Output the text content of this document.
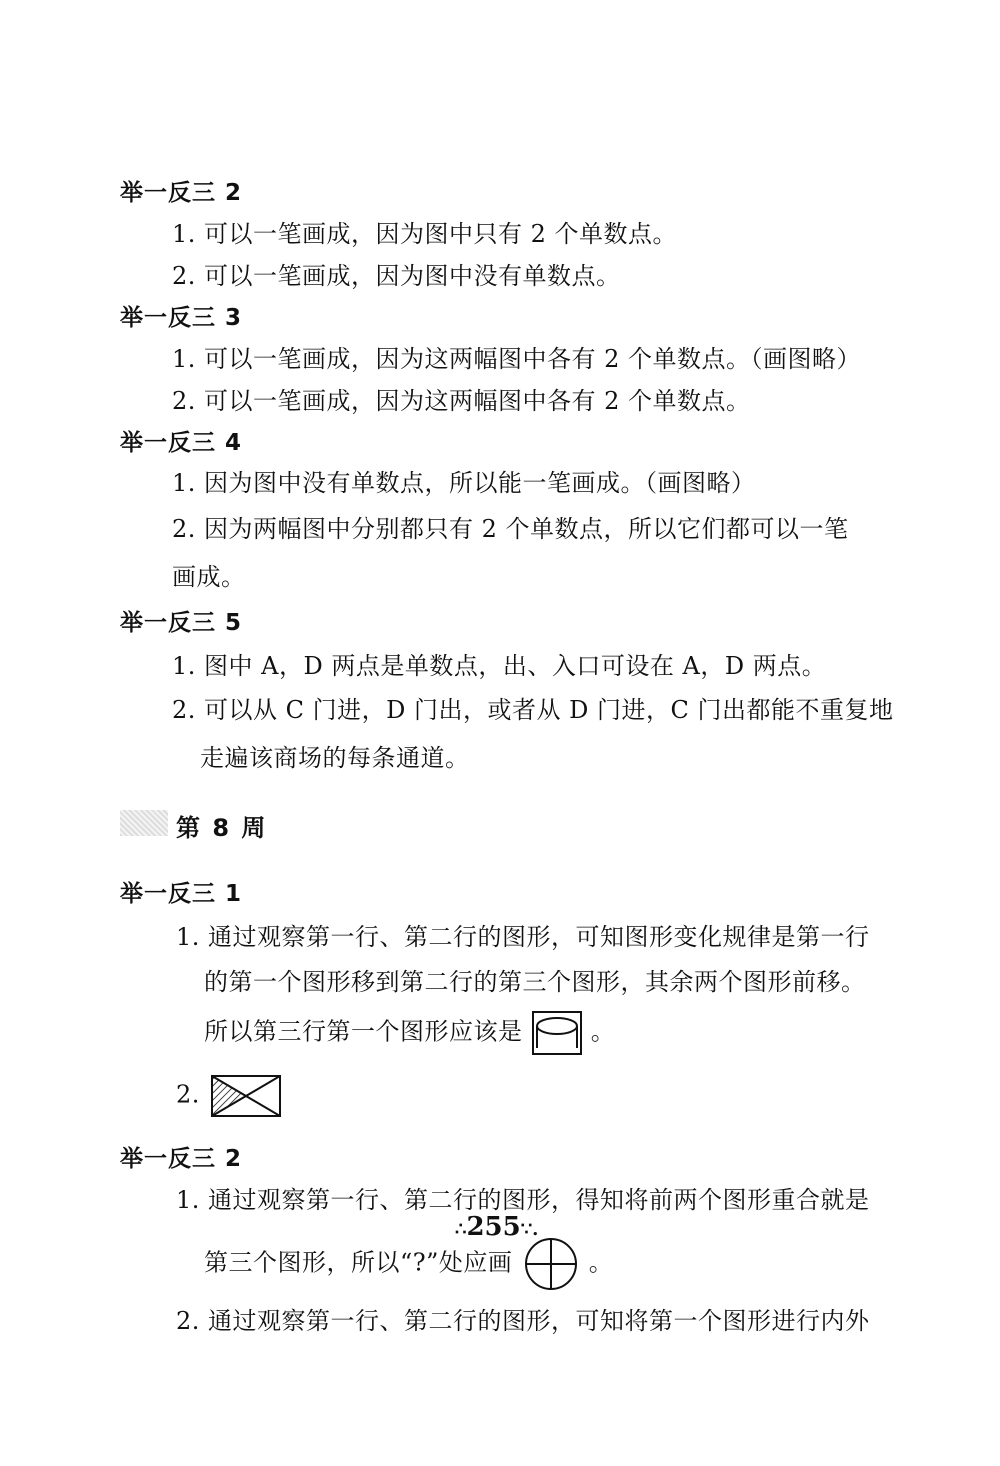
举一反三 2
1. 可以一笔画成，因为图中只有 2 个单数点。
2. 可以一笔画成，因为图中没有单数点。
举一反三 3
1. 可以一笔画成，因为这两幅图中各有 2 个单数点。（画图略）
2. 可以一笔画成，因为这两幅图中各有 2 个单数点。
举一反三 4
1. 因为图中没有单数点，所以能一笔画成。（画图略）
2. 因为两幅图中分别都只有 2 个单数点，所以它们都可以一笔
画成。
举一反三 5
1. 图中 A，D 两点是单数点，出、入口可设在 A，D 两点。
2. 可以从 C 门进，D 门出，或者从 D 门进，C 门出都能不重复地
走遍该商场的每条通道。
第 8 周
举一反三 1
1. 通过观察第一行、第二行的图形，可知图形变化规律是第一行
的第一个图形移到第二行的第三个图形，其余两个图形前移。
所以第三行第一个图形应该是	。
2.
举一反三 2
1. 通过观察第一行、第二行的图形，得知将前两个图形重合就是
第三个图形，所以“?”处应画	。
2. 通过观察第一行、第二行的图形，可知将第一个图形进行内外
∴255∵.
